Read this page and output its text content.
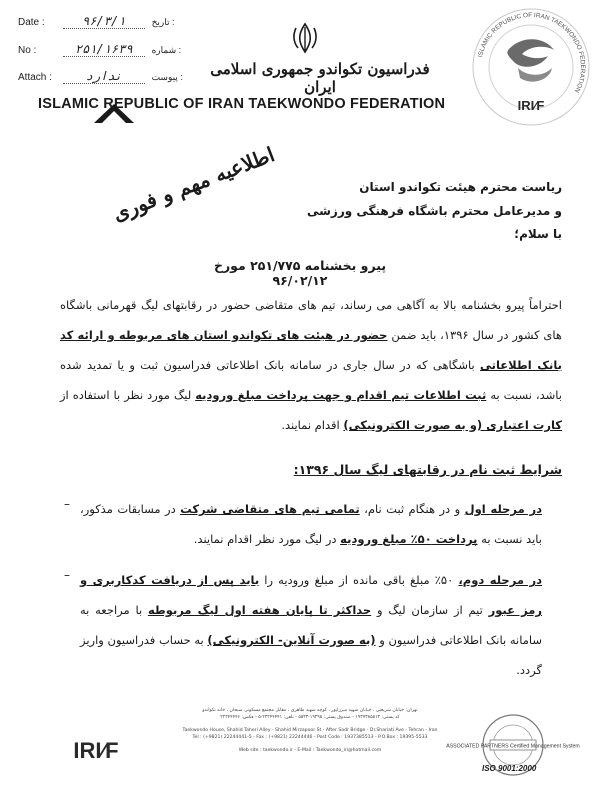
Date :	۹۶/۳/۱	تاریخ :
No :	۲۵۱/۱۶۳۹ شماره :
Attach :	ندارد	پیوست :	فدراسیون تکواندو جمهوری اسلامی ایران
ISLAMIC REPUBLIC OF IRAN TAEKWONDO FEDERATION
ISLAMIC REPUBLIC OF IRAN TAEKWONDO FEDERATION
IRI⁄F
اطلاعیه مهم و فوری	ریاست محترم هیئت تکواندو استان
و مدیرعامل محترم باشگاه فرهنگی ورزشی
با سلام؛
پیرو بخشنامه ۲۵۱/۷۷۵ مورخ ۹۶/۰۲/۱۲
احتراماً پیرو بخشنامه بالا به آگاهی می رساند، تیم های متقاضی حضور در رقابتهای لیگ قهرمانی باشگاه های کشور در سال ۱۳۹۶، باید ضمن حضور در هیئت های تکواندو استان های مربوطه و ارائه کد بانک اطلاعاتی باشگاهی که در سال جاری در سامانه بانک اطلاعاتی فدراسیون ثبت و یا تمدید شده باشد، نسبت به ثبت اطلاعات تیم اقدام و جهت پرداخت مبلغ ورودیه لیگ مورد نظر با استفاده از کارت اعتباری (و به صورت الکترونیکی) اقدام نمایند.
شرایط ثبت نام در رقابتهای لیگ سال ۱۳۹۶:
–	در مرحله اول و در هنگام ثبت نام، تمامی تیم های متقاضی شرکت در مسابقات مذکور، باید نسبت به پرداخت ۵۰٪ مبلغ ورودیه در لیگ مورد نظر اقدام نمایند.
–	در مرحله دوم، ۵۰٪ مبلغ باقی مانده از مبلغ ورودیه را باید پس از دریافت کدکاربری و رمز عبور تیم از سازمان لیگ و حداکثر تا پایان هفته اول لیگ مربوطه با مراجعه به سامانه بانک اطلاعاتی فدراسیون و (به صورت آنلاین- الکترونیکی) به حساب فدراسیون واریز گردد.
IRI⁄F
تهران: خیابان شریعتی ، خیابان شهید میرزاپور ، کوچه شهید طاهری ، مقابل مجتمع مسکونی سبحان ، خانه تکواندو
کد پستی: ۱۹۳۷۳۸۵۵۱۳ - صندوق پستی: ۱۹۳۹۵-۵۵۳۳ - تلفن: ۲۲۲۴۴۴۴۱-۵ - فکس: ۲۲۲۴۴۴۴۶
Taekwondo House, Shahid Taheri Alley - Shahid Mirzapoor St - After Sadr Bridge - Dr.Shariati Ave - Tehran - Iran
Tel : (+9821) 22244441-5 - Fax : (+9821) 22244446 - Post Code : 1937385513 - P.O.Box : 19395-5533
Web site : taekwondo.ir - E-Mail : Taekwondo_iri@hotmail.com
ASSOCIATED PARTNERS Certified Management System
ISO 9001:2000
